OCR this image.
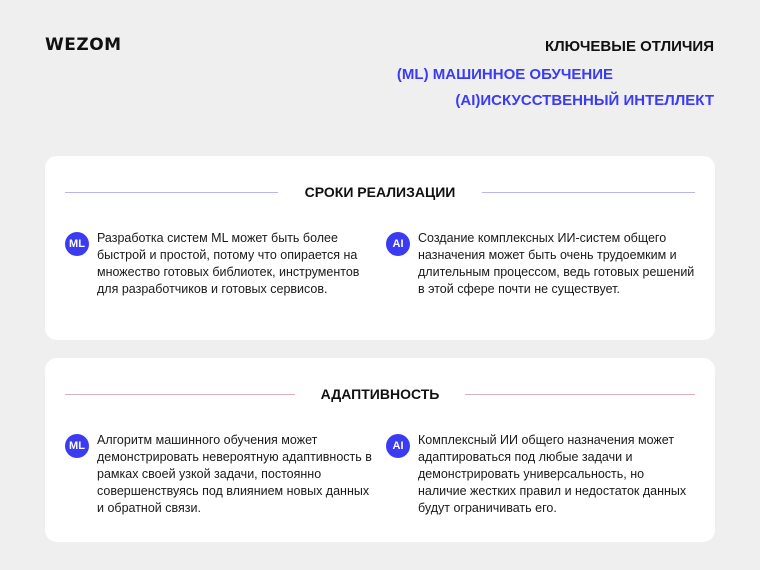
WEZOM	КЛЮЧЕВЫЕ ОТЛИЧИЯ
(ML) МАШИННОЕ ОБУЧЕНИЕ
(AI)ИСКУССТВЕННЫЙ ИНТЕЛЛЕКТ
СРОКИ РЕАЛИЗАЦИИ
ML Разработка систем ML может быть более быстрой и простой, потому что опирается на множество готовых библиотек, инструментов для разработчиков и готовых сервисов.
AI	Создание комплексных ИИ-систем общего назначения может быть очень трудоемким и длительным процессом, ведь готовых решений в этой сфере почти не существует.
АДАПТИВНОСТЬ
ML Алгоритм машинного обучения может демонстрировать невероятную адаптивность в рамках своей узкой задачи, постоянно совершенствуясь под влиянием новых данных и обратной связи.
AI	Комплексный ИИ общего назначения может адаптироваться под любые задачи и демонстрировать универсальность, но наличие жестких правил и недостаток данных будут ограничивать его.
